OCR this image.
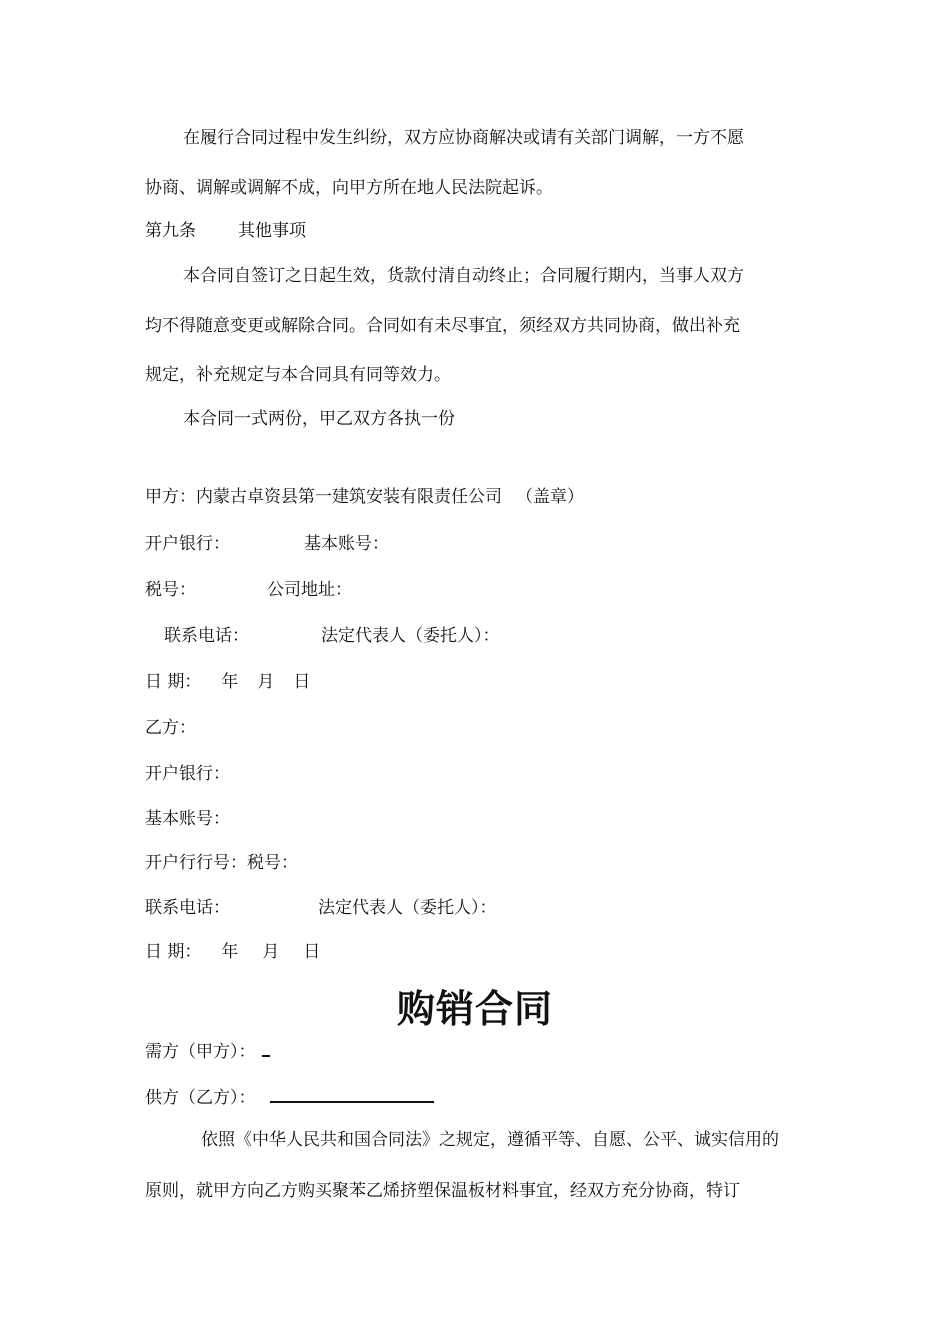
在履行合同过程中发生纠纷，双方应协商解决或请有关部门调解，一方不愿
协商、调解或调解不成，向甲方所在地人民法院起诉。
第九条 其他事项
本合同自签订之日起生效，货款付清自动终止；合同履行期内，当事人双方
均不得随意变更或解除合同。合同如有未尽事宜，须经双方共同协商，做出补充
规定，补充规定与本合同具有同等效力。
本合同一式两份，甲乙双方各执一份
甲方：内蒙古卓资县第一建筑安装有限责任公司 （盖章）
开户银行：	基本账号：
税号：	公司地址：
联系电话：	法定代表人（委托人）：
日 期： 年 月 日
乙方：
开户银行：
基本账号：
开户行行号：税号：
联系电话：	法定代表人（委托人）：
日 期： 年 月 日
购销合同
需方（甲方）：
供方（乙方）：
依照《中华人民共和国合同法》之规定，遵循平等、自愿、公平、诚实信用的
原则，就甲方向乙方购买聚苯乙烯挤塑保温板材料事宜，经双方充分协商，特订
